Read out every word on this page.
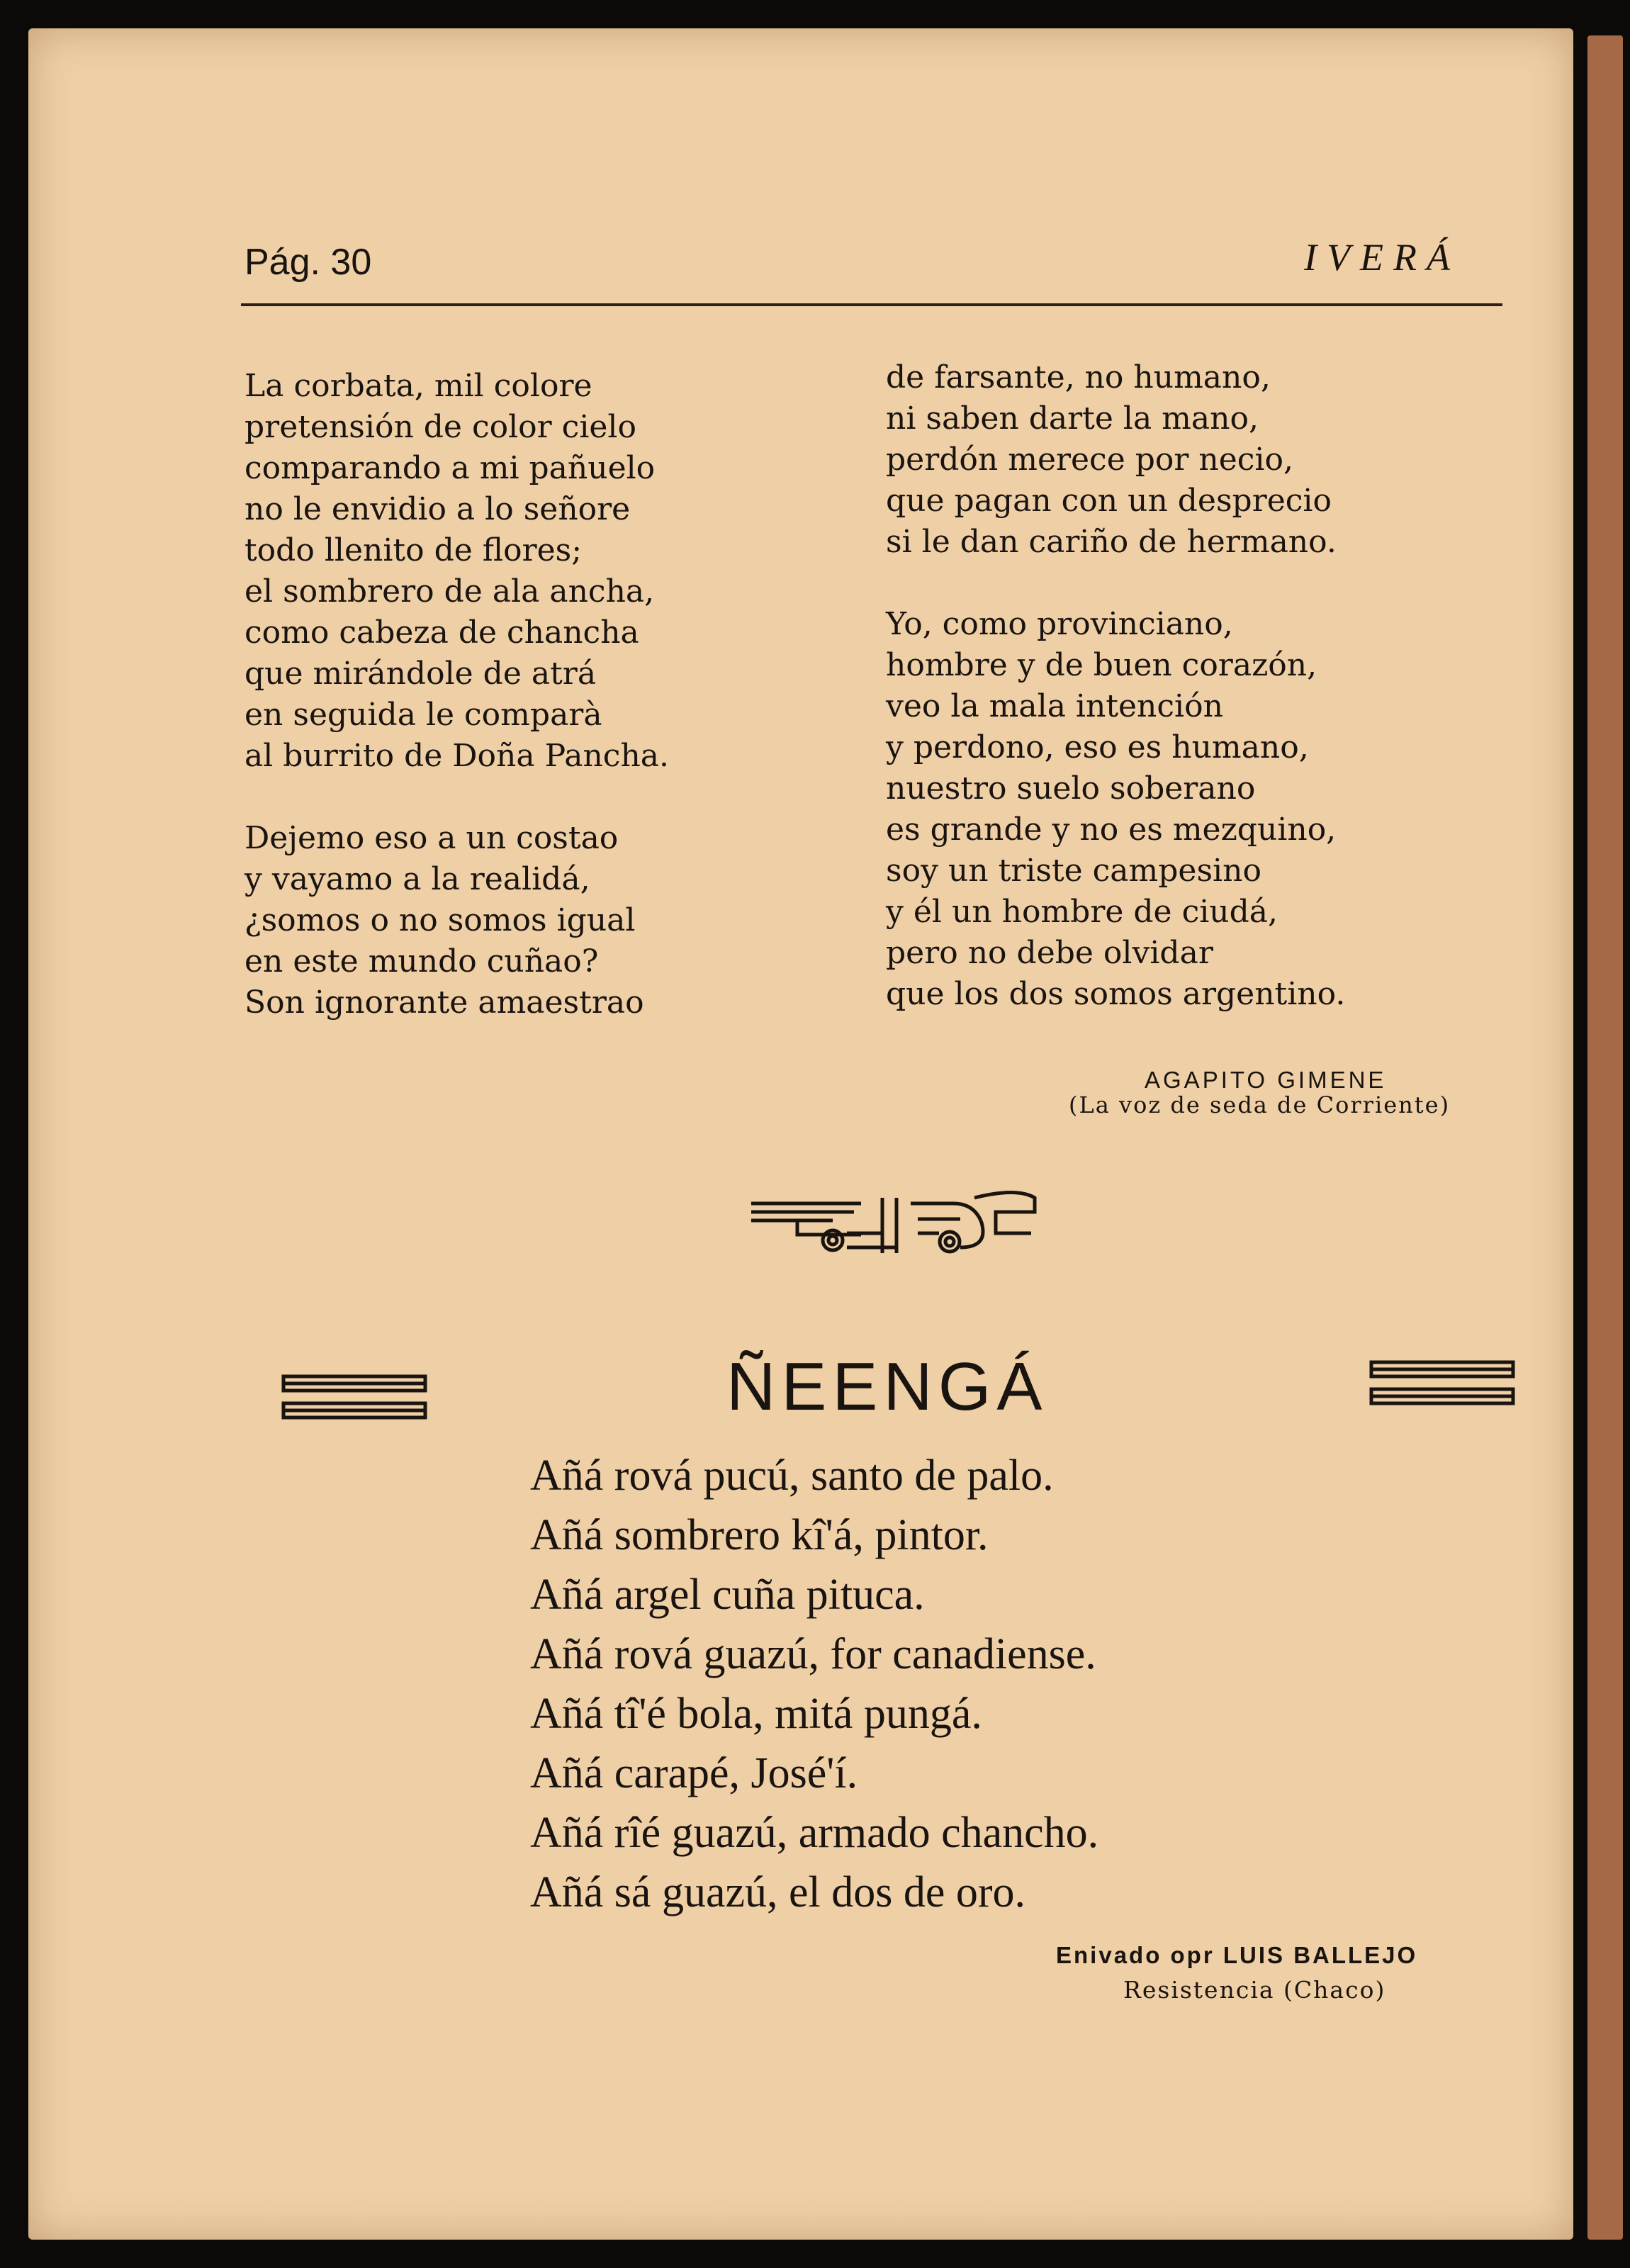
Pág. 30	IVERÁ
La corbata, mil colore
pretensión de color cielo
comparando a mi pañuelo
no le envidio a lo señore
todo llenito de flores;
el sombrero de ala ancha,
como cabeza de chancha
que mirándole de atrá
en seguida le comparà
al burrito de Doña Pancha.
Dejemo eso a un costao
y vayamo a la realidá,
¿somos o no somos igual
en este mundo cuñao?
Son ignorante amaestrao
de farsante, no humano,
ni saben darte la mano,
perdón merece por necio,
que pagan con un desprecio
si le dan cariño de hermano.
Yo, como provinciano,
hombre y de buen corazón,
veo la mala intención
y perdono, eso es humano,
nuestro suelo soberano
es grande y no es mezquino,
soy un triste campesino
y él un hombre de ciudá,
pero no debe olvidar
que los dos somos argentino.
AGAPITO GIMENE
(La voz de seda de Corriente)
ÑEENGÁ
Añá rová pucú, santo de palo.
Añá sombrero kî'á, pintor.
Añá argel cuña pituca.
Añá rová guazú, for canadiense.
Añá tî'é bola, mitá pungá.
Añá carapé, José'í.
Añá rîé guazú, armado chancho.
Añá sá guazú, el dos de oro.
Enivado opr LUIS BALLEJO
Resistencia (Chaco)
